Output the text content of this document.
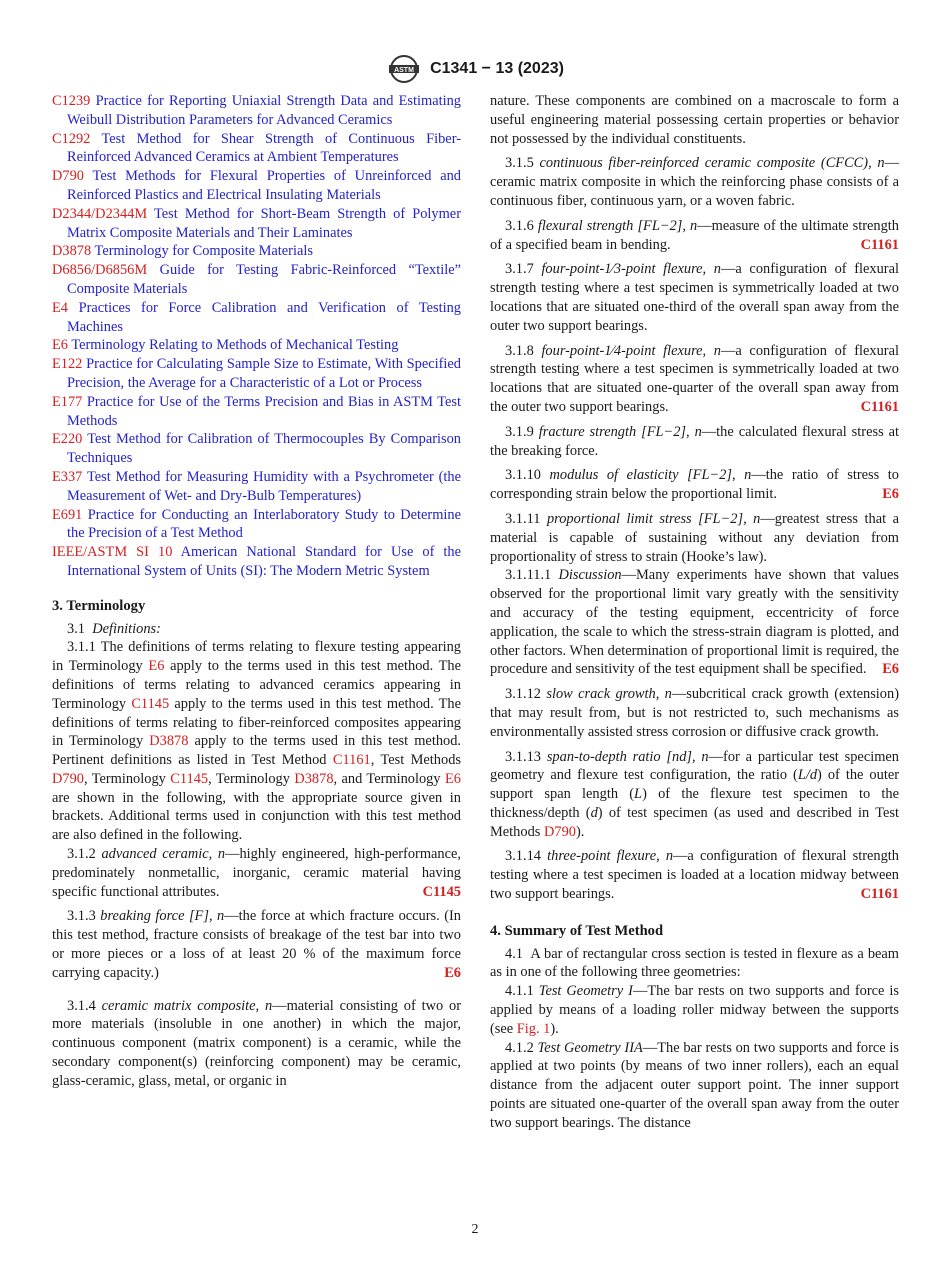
ASTM C1341 − 13 (2023)

C1239 Practice for Reporting Uniaxial Strength Data and Estimating Weibull Distribution Parameters for Advanced Ceramics

C1292 Test Method for Shear Strength of Continuous Fiber-Reinforced Advanced Ceramics at Ambient Temperatures

D790 Test Methods for Flexural Properties of Unreinforced and Reinforced Plastics and Electrical Insulating Materials

D2344/D2344M Test Method for Short-Beam Strength of Polymer Matrix Composite Materials and Their Laminates

D3878 Terminology for Composite Materials

D6856/D6856M Guide for Testing Fabric-Reinforced “Textile” Composite Materials

E4 Practices for Force Calibration and Verification of Testing Machines

E6 Terminology Relating to Methods of Mechanical Testing

E122 Practice for Calculating Sample Size to Estimate, With Specified Precision, the Average for a Characteristic of a Lot or Process

E177 Practice for Use of the Terms Precision and Bias in ASTM Test Methods

E220 Test Method for Calibration of Thermocouples By Comparison Techniques

E337 Test Method for Measuring Humidity with a Psychrometer (the Measurement of Wet- and Dry-Bulb Temperatures)

E691 Practice for Conducting an Interlaboratory Study to Determine the Precision of a Test Method

IEEE/ASTM SI 10 American National Standard for Use of the International System of Units (SI): The Modern Metric System

3. Terminology

3.1 Definitions:

3.1.1 The definitions of terms relating to flexure testing appearing in Terminology E6 apply to the terms used in this test method. The definitions of terms relating to advanced ceramics appearing in Terminology C1145 apply to the terms used in this test method. The definitions of terms relating to fiber-reinforced composites appearing in Terminology D3878 apply to the terms used in this test method. Pertinent definitions as listed in Test Method C1161, Test Methods D790, Terminology C1145, Terminology D3878, and Terminology E6 are shown in the following, with the appropriate source given in brackets. Additional terms used in conjunction with this test method are also defined in the following.

3.1.2 advanced ceramic, n—highly engineered, high-performance, predominately nonmetallic, inorganic, ceramic material having specific functional attributes.	C1145

3.1.3 breaking force [F], n—the force at which fracture occurs. (In this test method, fracture consists of breakage of the test bar into two or more pieces or a loss of at least 20 % of the maximum force carrying capacity.)	E6

3.1.4 ceramic matrix composite, n—material consisting of two or more materials (insoluble in one another) in which the major, continuous component (matrix component) is a ceramic, while the secondary component(s) (reinforcing component) may be ceramic, glass-ceramic, glass, metal, or organic in

nature. These components are combined on a macroscale to form a useful engineering material possessing certain properties or behavior not possessed by the individual constituents.

3.1.5 continuous fiber-reinforced ceramic composite (CFCC), n—ceramic matrix composite in which the reinforcing phase consists of a continuous fiber, continuous yarn, or a woven fabric.

3.1.6 flexural strength [FL−2], n—measure of the ultimate strength of a specified beam in bending.	C1161

3.1.7 four-point-1⁄3-point flexure, n—a configuration of flexural strength testing where a test specimen is symmetrically loaded at two locations that are situated one-third of the overall span away from the outer two support bearings.

3.1.8 four-point-1⁄4-point flexure, n—a configuration of flexural strength testing where a test specimen is symmetrically loaded at two locations that are situated one-quarter of the overall span away from the outer two support bearings.	C1161

3.1.9 fracture strength [FL−2], n—the calculated flexural stress at the breaking force.

3.1.10 modulus of elasticity [FL−2], n—the ratio of stress to corresponding strain below the proportional limit.	E6

3.1.11 proportional limit stress [FL−2], n—greatest stress that a material is capable of sustaining without any deviation from proportionality of stress to strain (Hooke’s law).

3.1.11.1 Discussion—Many experiments have shown that values observed for the proportional limit vary greatly with the sensitivity and accuracy of the testing equipment, eccentricity of force application, the scale to which the stress-strain diagram is plotted, and other factors. When determination of proportional limit is required, the procedure and sensitivity of the test equipment shall be specified.	E6

3.1.12 slow crack growth, n—subcritical crack growth (extension) that may result from, but is not restricted to, such mechanisms as environmentally assisted stress corrosion or diffusive crack growth.

3.1.13 span-to-depth ratio [nd], n—for a particular test specimen geometry and flexure test configuration, the ratio (L/d) of the outer support span length (L) of the flexure test specimen to the thickness/depth (d) of test specimen (as used and described in Test Methods D790).

3.1.14 three-point flexure, n—a configuration of flexural strength testing where a test specimen is loaded at a location midway between two support bearings.	C1161

4. Summary of Test Method

4.1 A bar of rectangular cross section is tested in flexure as a beam as in one of the following three geometries:

4.1.1 Test Geometry I—The bar rests on two supports and force is applied by means of a loading roller midway between the supports (see Fig. 1).

4.1.2 Test Geometry IIA—The bar rests on two supports and force is applied at two points (by means of two inner rollers), each an equal distance from the adjacent outer support point. The inner support points are situated one-quarter of the overall span away from the outer two support bearings. The distance

2
